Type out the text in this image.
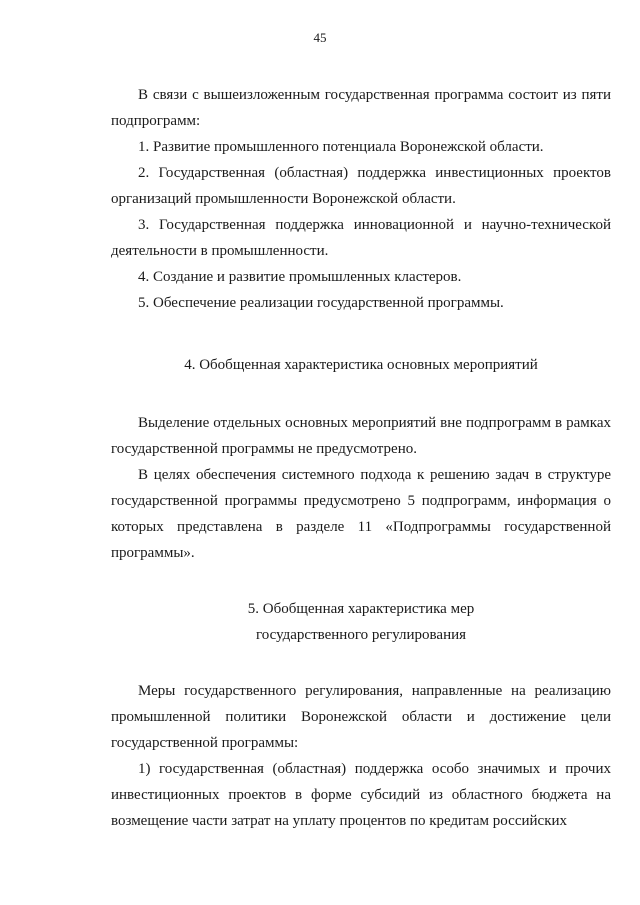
45

В связи с вышеизложенным государственная программа состоит из пяти подпрограмм:

1. Развитие промышленного потенциала Воронежской области.

2. Государственная (областная) поддержка инвестиционных проектов организаций промышленности Воронежской области.

3. Государственная поддержка инновационной и научно-технической деятельности в промышленности.

4. Создание и развитие промышленных кластеров.

5. Обеспечение реализации государственной программы.

4. Обобщенная характеристика основных мероприятий

Выделение отдельных основных мероприятий вне подпрограмм в рамках государственной программы не предусмотрено.

В целях обеспечения системного подхода к решению задач в структуре государственной программы предусмотрено 5 подпрограмм, информация о которых представлена в разделе 11 «Подпрограммы государственной программы».

5. Обобщенная характеристика мер

государственного регулирования

Меры государственного регулирования, направленные на реализацию промышленной политики Воронежской области и достижение цели государственной программы:

1) государственная (областная) поддержка особо значимых и прочих инвестиционных проектов в форме субсидий из областного бюджета на возмещение части затрат на уплату процентов по кредитам российских
